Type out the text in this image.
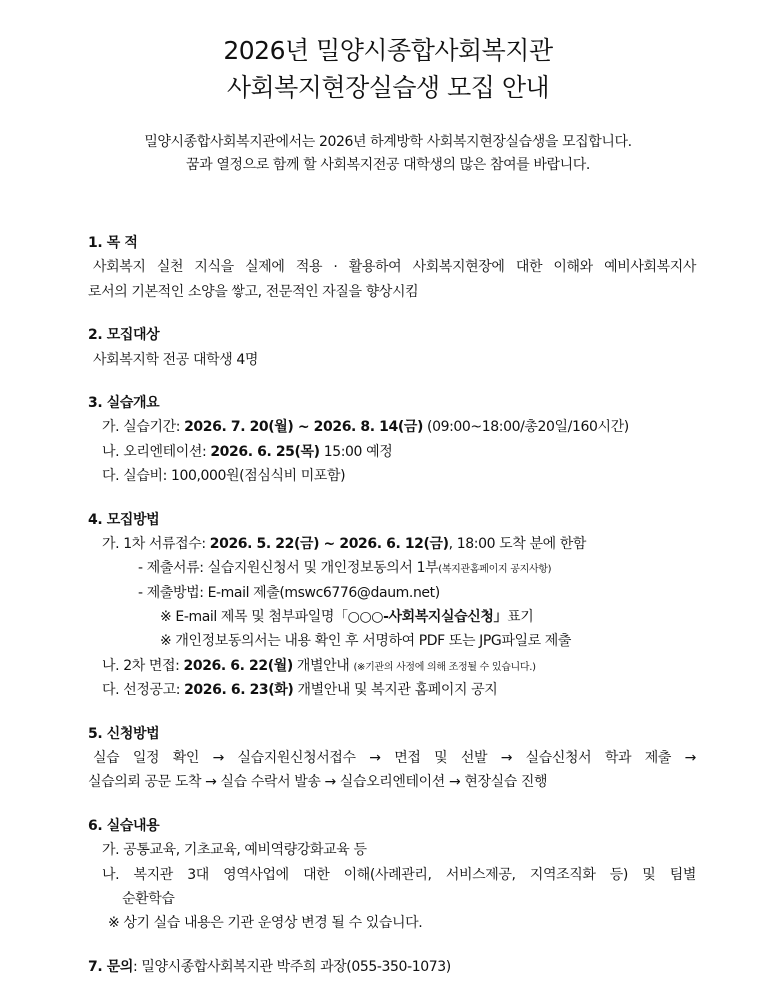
2026년 밀양시종합사회복지관
사회복지현장실습생 모집 안내
밀양시종합사회복지관에서는 2026년 하계방학 사회복지현장실습생을 모집합니다.
꿈과 열정으로 함께 할 사회복지전공 대학생의 많은 참여를 바랍니다.
1. 목 적
사회복지 실천 지식을 실제에 적용 · 활용하여 사회복지현장에 대한 이해와 예비사회복지사
로서의 기본적인 소양을 쌓고, 전문적인 자질을 향상시킴
2. 모집대상
사회복지학 전공 대학생 4명
3. 실습개요
가. 실습기간: 2026. 7. 20(월) ~ 2026. 8. 14(금) (09:00~18:00/총20일/160시간)
나. 오리엔테이션: 2026. 6. 25(목) 15:00 예정
다. 실습비: 100,000원(점심식비 미포함)
4. 모집방법
가. 1차 서류접수: 2026. 5. 22(금) ~ 2026. 6. 12(금), 18:00 도착 분에 한함
- 제출서류: 실습지원신청서 및 개인정보동의서 1부(복지관홈페이지 공지사항)
- 제출방법: E-mail 제출(mswc6776@daum.net)
※ E-mail 제목 및 첨부파일명「○○○-사회복지실습신청」표기
※ 개인정보동의서는 내용 확인 후 서명하여 PDF 또는 JPG파일로 제출
나. 2차 면접: 2026. 6. 22(월) 개별안내 (※기관의 사정에 의해 조정될 수 있습니다.)
다. 선정공고: 2026. 6. 23(화) 개별안내 및 복지관 홈페이지 공지
5. 신청방법
실습 일정 확인 → 실습지원신청서접수 → 면접 및 선발 → 실습신청서 학과 제출 →
실습의뢰 공문 도착 → 실습 수락서 발송 → 실습오리엔테이션 → 현장실습 진행
6. 실습내용
가. 공통교육, 기초교육, 예비역량강화교육 등
나. 복지관 3대 영역사업에 대한 이해(사례관리, 서비스제공, 지역조직화 등) 및 팀별
순환학습
※ 상기 실습 내용은 기관 운영상 변경 될 수 있습니다.
7. 문의: 밀양시종합사회복지관 박주희 과장(055-350-1073)
